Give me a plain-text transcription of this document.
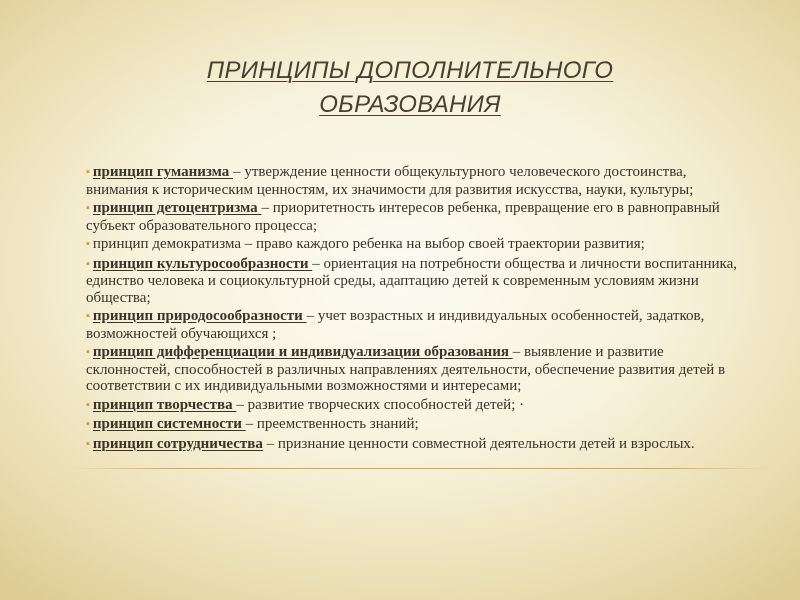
ПРИНЦИПЫ ДОПОЛНИТЕЛЬНОГО
ОБРАЗОВАНИЯ
▪ принцип гуманизма – утверждение ценности общекультурного человеческого достоинства, внимания к историческим ценностям, их значимости для развития искусства, науки, культуры;
▪ принцип детоцентризма – приоритетность интересов ребенка, превращение его в равноправный субъект образовательного процесса;
▪ принцип демократизма – право каждого ребенка на выбор своей траектории развития;
▪ принцип культуросообразности – ориентация на потребности общества и личности воспитанника, единство человека и социокультурной среды, адаптацию детей к современным условиям жизни общества;
▪ принцип природосообразности – учет возрастных и индивидуальных особенностей, задатков, возможностей обучающихся ;
▪ принцип дифференциации и индивидуализации образования – выявление и развитие склонностей, способностей в различных направлениях деятельности, обеспечение развития детей в соответствии с их индивидуальными возможностями и интересами;
▪ принцип творчества – развитие творческих способностей детей; ·
▪ принцип системности – преемственность знаний;
▪ принцип сотрудничества – признание ценности совместной деятельности детей и взрослых.
